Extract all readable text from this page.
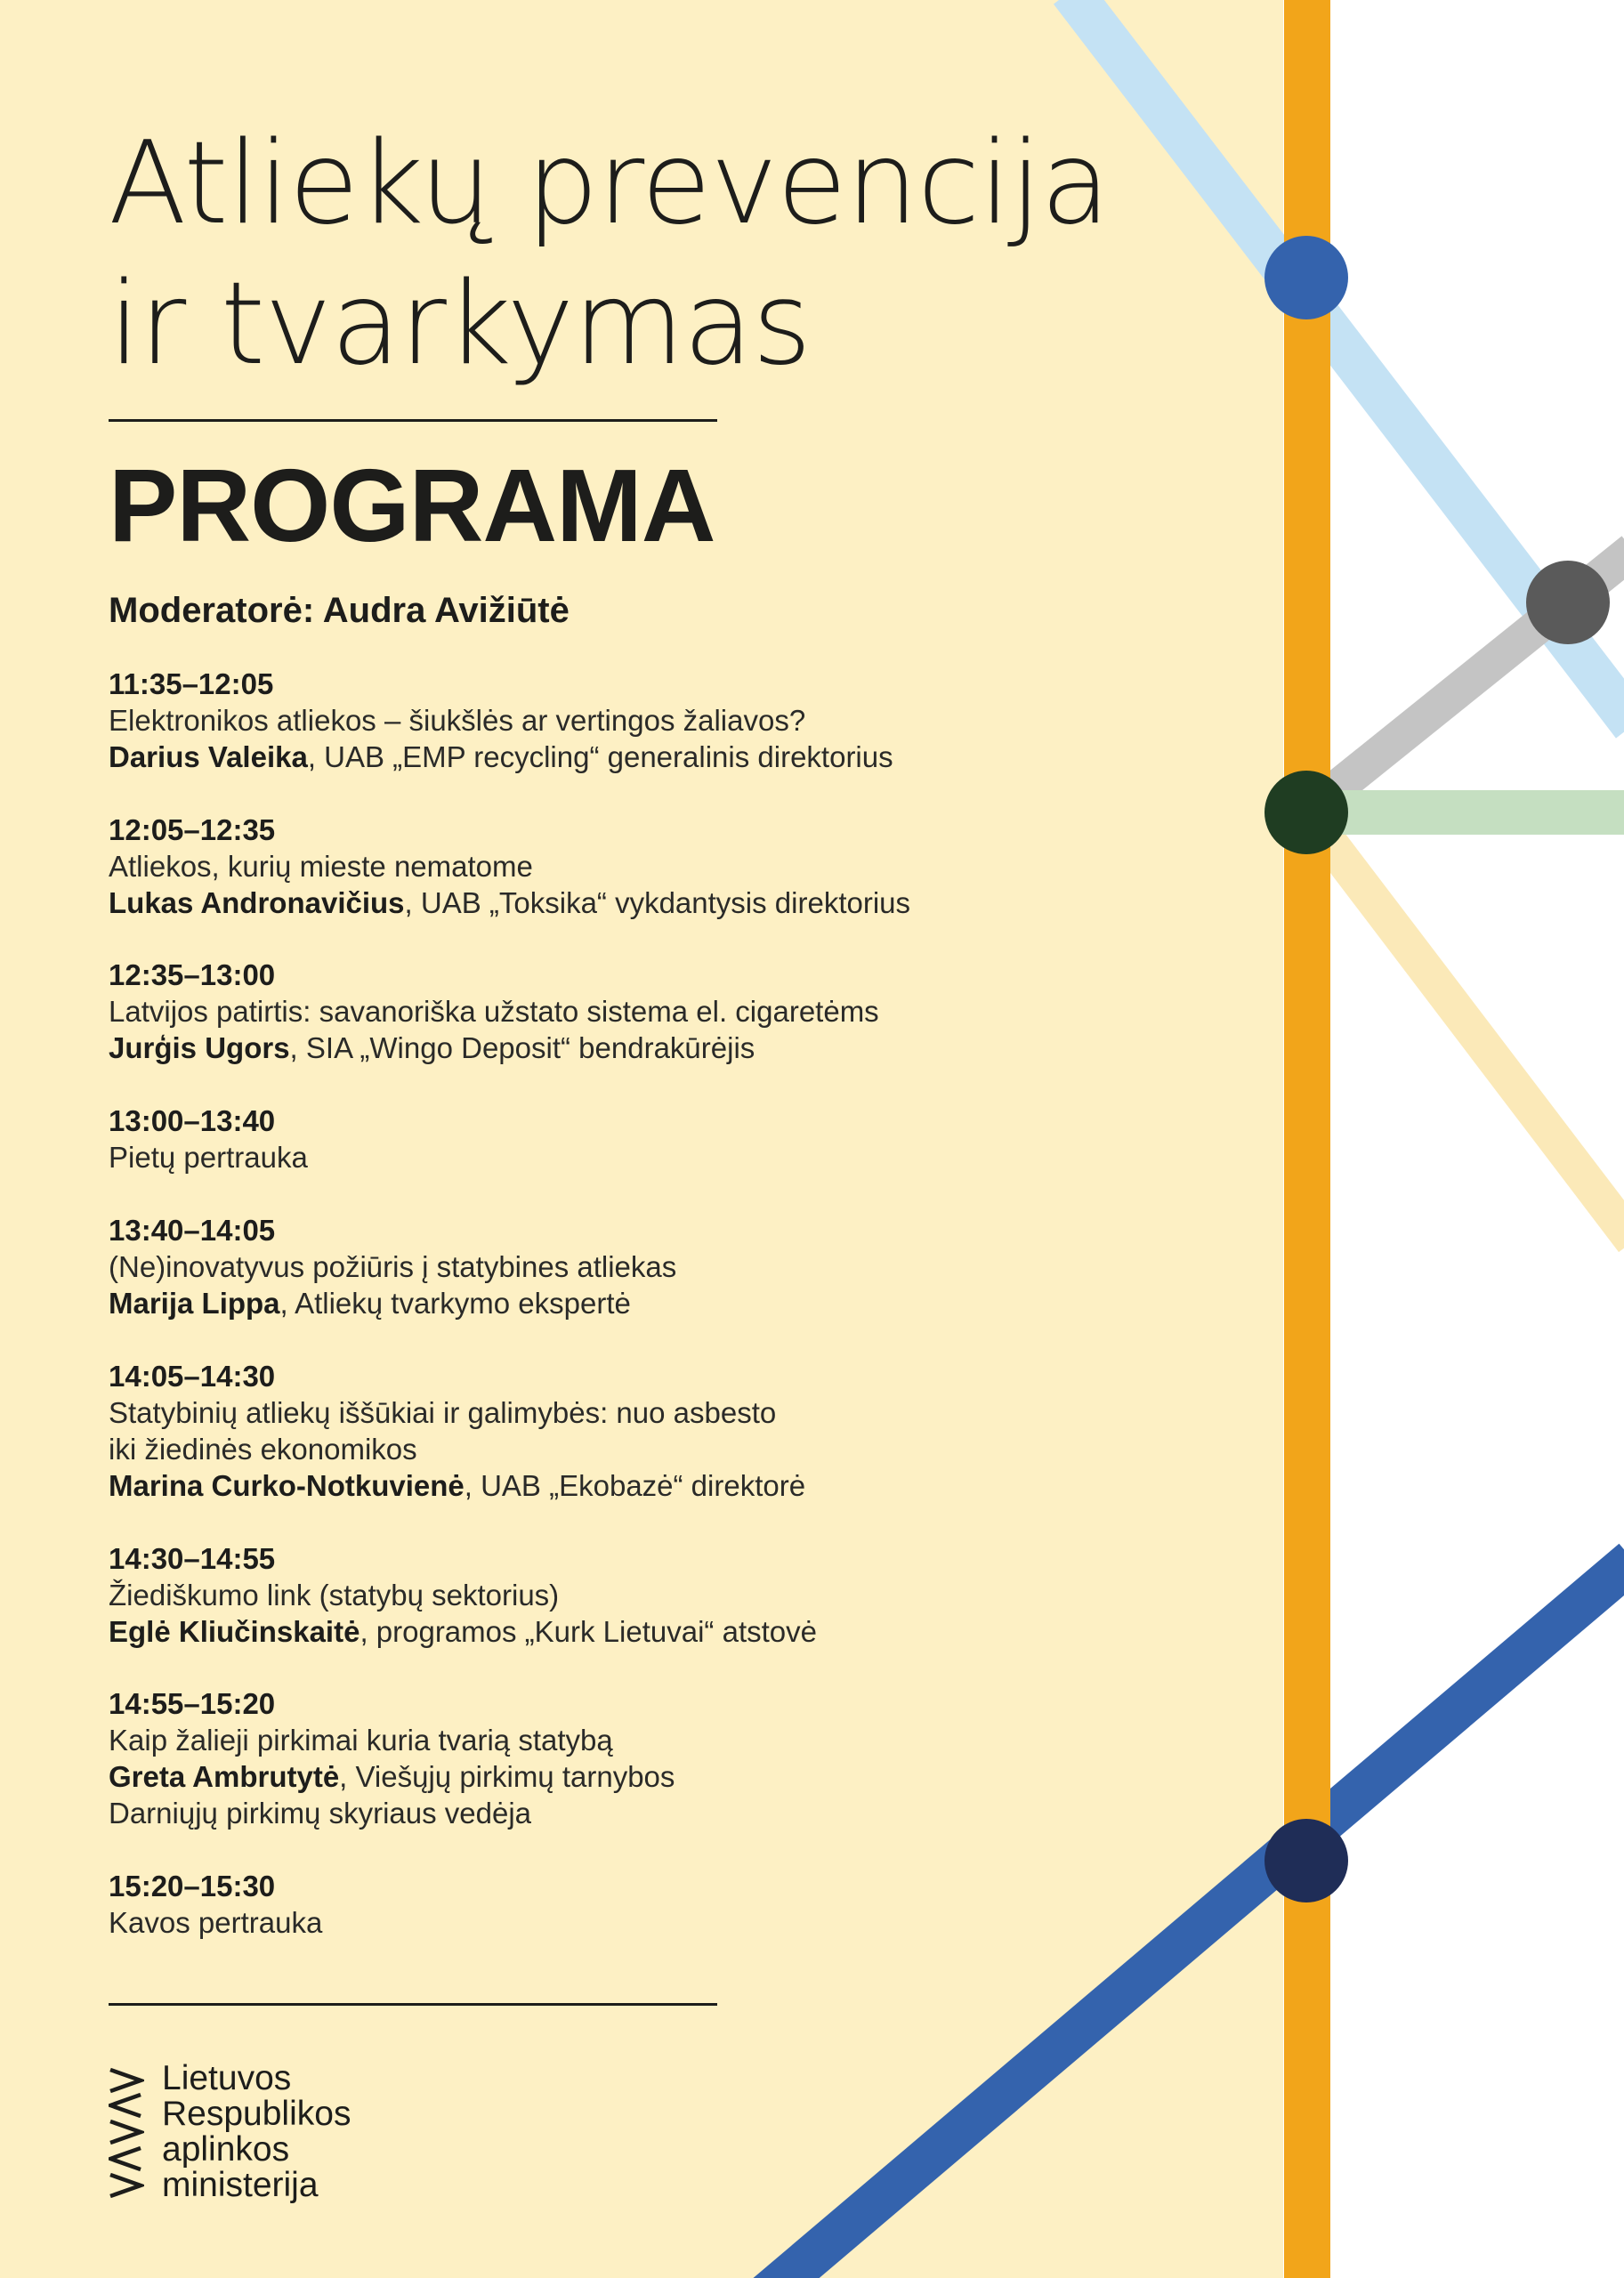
Atliekų prevencija
ir tvarkymas
PROGRAMA
Moderatorė: Audra Avižiūtė
11:35–12:05
Elektronikos atliekos – šiukšlės ar vertingos žaliavos?
Darius Valeika, UAB „EMP recycling“ generalinis direktorius
12:05–12:35
Atliekos, kurių mieste nematome
Lukas Andronavičius, UAB „Toksika“ vykdantysis direktorius
12:35–13:00
Latvijos patirtis: savanoriška užstato sistema el. cigaretėms
Jurģis Ugors, SIA „Wingo Deposit“ bendrakūrėjis
13:00–13:40
Pietų pertrauka
13:40–14:05
(Ne)inovatyvus požiūris į statybines atliekas
Marija Lippa, Atliekų tvarkymo ekspertė
14:05–14:30
Statybinių atliekų iššūkiai ir galimybės: nuo asbesto
iki žiedinės ekonomikos
Marina Curko-Notkuvienė, UAB „Ekobazė“ direktorė
14:30–14:55
Žiediškumo link (statybų sektorius)
Eglė Kliučinskaitė, programos „Kurk Lietuvai“ atstovė
14:55–15:20
Kaip žalieji pirkimai kuria tvarią statybą
Greta Ambrutytė, Viešųjų pirkimų tarnybos
Darniųjų pirkimų skyriaus vedėja
15:20–15:30
Kavos pertrauka
Lietuvos
Respublikos
aplinkos
ministerija
